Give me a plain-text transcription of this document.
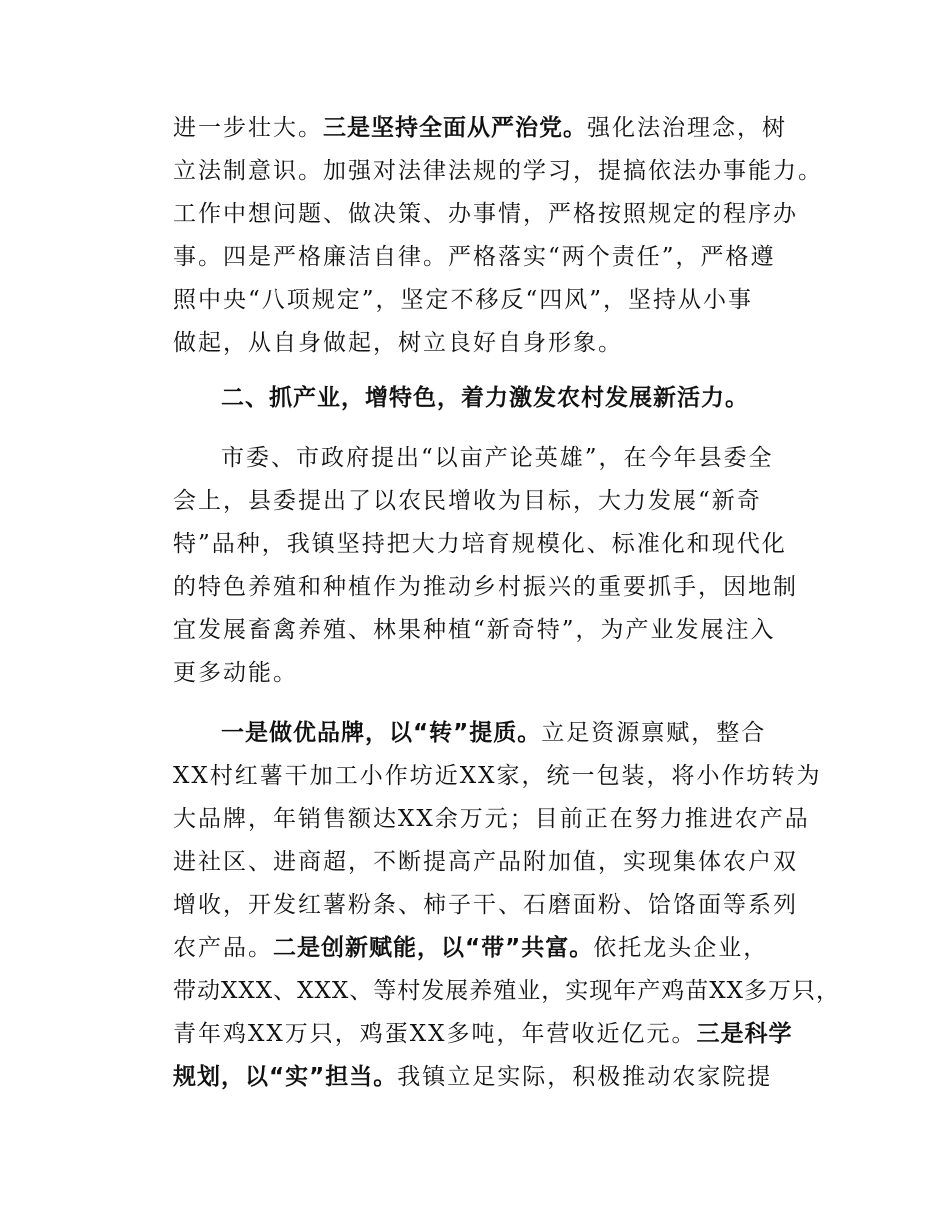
进一步壮大。三是坚持全面从严治党。强化法治理念，树
立法制意识。加强对法律法规的学习，提搞依法办事能力。
工作中想问题、做决策、办事情，严格按照规定的程序办
事。四是严格廉洁自律。严格落实“两个责任”，严格遵
照中央“八项规定”，坚定不移反“四风”，坚持从小事
做起，从自身做起，树立良好自身形象。
二、抓产业，增特色，着力激发农村发展新活力。
市委、市政府提出“以亩产论英雄”，在今年县委全
会上，县委提出了以农民增收为目标，大力发展“新奇
特”品种，我镇坚持把大力培育规模化、标准化和现代化
的特色养殖和种植作为推动乡村振兴的重要抓手，因地制
宜发展畜禽养殖、林果种植“新奇特”，为产业发展注入
更多动能。
一是做优品牌，以“转”提质。立足资源禀赋，整合
XX村红薯干加工小作坊近XX家，统一包装，将小作坊转为
大品牌，年销售额达XX余万元；目前正在努力推进农产品
进社区、进商超，不断提高产品附加值，实现集体农户双
增收，开发红薯粉条、柿子干、石磨面粉、饸饹面等系列
农产品。二是创新赋能，以“带”共富。依托龙头企业，
带动XXX、XXX、等村发展养殖业，实现年产鸡苗XX多万只，
青年鸡XX万只，鸡蛋XX多吨，年营收近亿元。三是科学
规划，以“实”担当。我镇立足实际，积极推动农家院提
